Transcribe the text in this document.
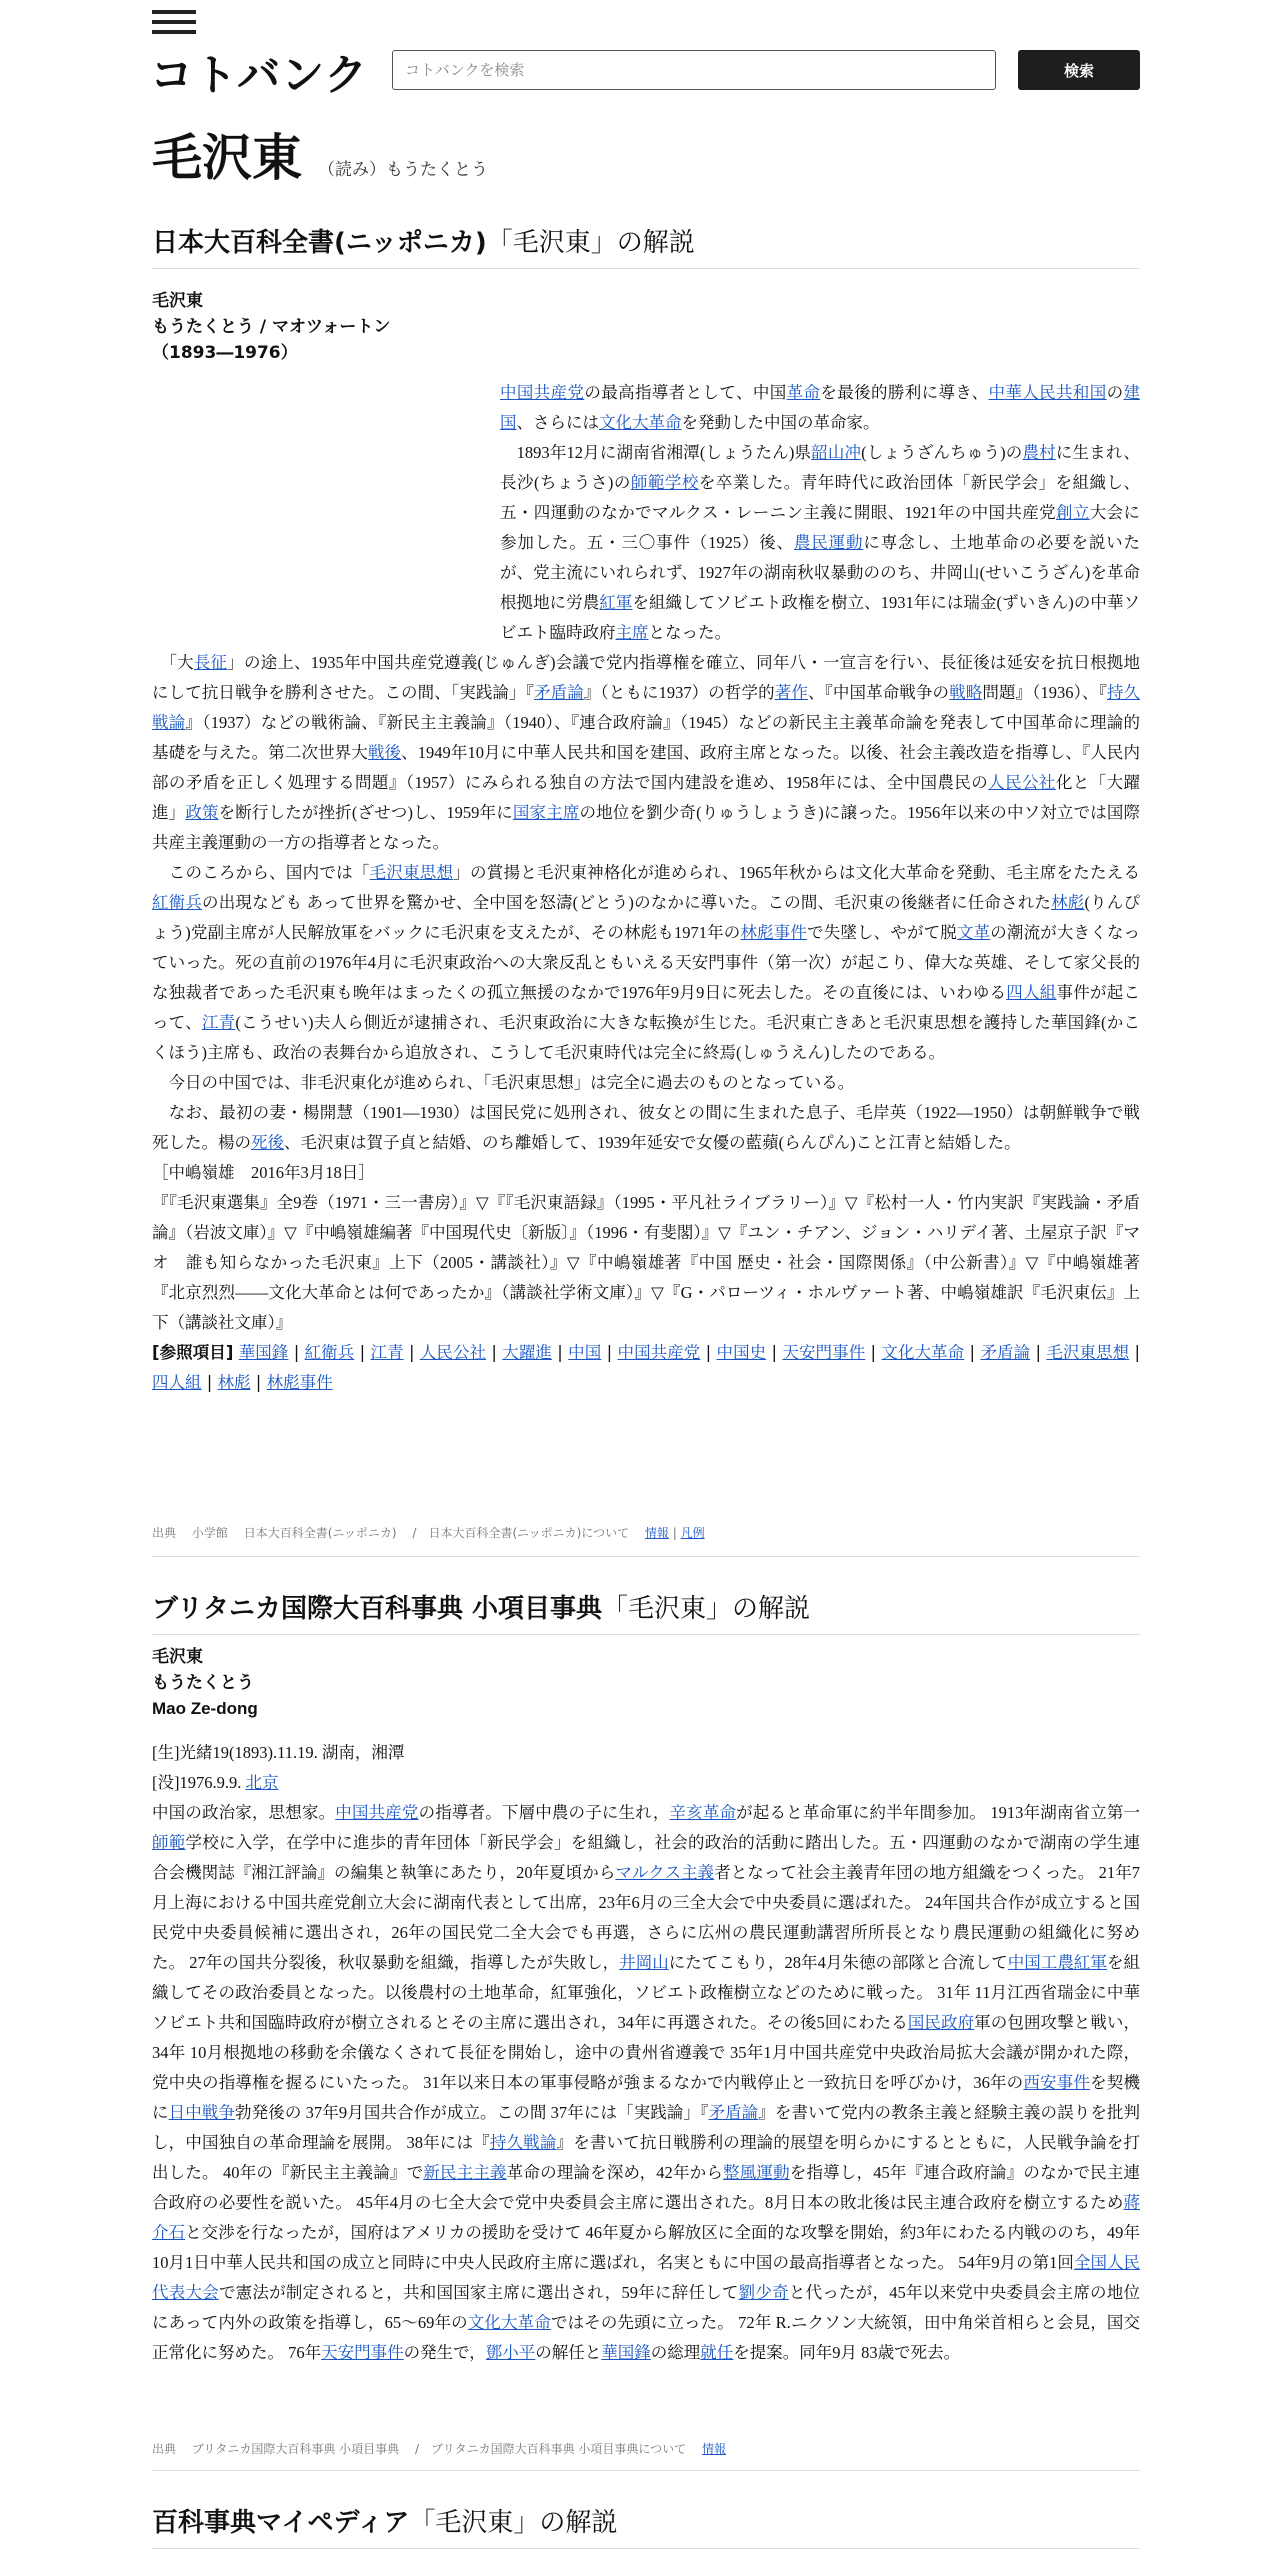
コトバンク
コトバンクを検索	検索
毛沢東 （読み）もうたくとう
日本大百科全書(ニッポニカ)「毛沢東」の解説
毛沢東
もうたくとう / マオツォートン
（1893―1976）

中国共産党の最高指導者として、中国革命を最後的勝利に導き、中華人民共和国の建国、さらには文化大革命を発動した中国の革命家。

　1893年12月に湖南省湘潭(しょうたん)県韶山冲(しょうざんちゅう)の農村に生まれ、長沙(ちょうさ)の師範学校を卒業した。青年時代に政治団体「新民学会」を組織し、五・四運動のなかでマルクス・レーニン主義に開眼、1921年の中国共産党創立大会に参加した。五・三〇事件（1925）後、農民運動に専念し、土地革命の必要を説いたが、党主流にいれられず、1927年の湖南秋収暴動ののち、井岡山(せいこうざん)を革命根拠地に労農紅軍を組織してソビエト政権を樹立、1931年には瑞金(ずいきん)の中華ソビエト臨時政府主席となった。

　「大長征」の途上、1935年中国共産党遵義(じゅんぎ)会議で党内指導権を確立、同年八・一宣言を行い、長征後は延安を抗日根拠地にして抗日戦争を勝利させた。この間、「実践論」『矛盾論』（ともに1937）の哲学的著作、『中国革命戦争の戦略問題』（1936）、『持久戦論』（1937）などの戦術論、『新民主主義論』（1940）、『連合政府論』（1945）などの新民主主義革命論を発表して中国革命に理論的基礎を与えた。第二次世界大戦後、1949年10月に中華人民共和国を建国、政府主席となった。以後、社会主義改造を指導し、『人民内部の矛盾を正しく処理する問題』（1957）にみられる独自の方法で国内建設を進め、1958年には、全中国農民の人民公社化と「大躍進」政策を断行したが挫折(ざせつ)し、1959年に国家主席の地位を劉少奇(りゅうしょうき)に譲った。1956年以来の中ソ対立では国際共産主義運動の一方の指導者となった。

　このころから、国内では「毛沢東思想」の賞揚と毛沢東神格化が進められ、1965年秋からは文化大革命を発動、毛主席をたたえる紅衛兵の出現なども あって世界を驚かせ、全中国を怒濤(どとう)のなかに導いた。この間、毛沢東の後継者に任命された林彪(りんぴょう)党副主席が人民解放軍をバックに毛沢東を支えたが、その林彪も1971年の林彪事件で失墜し、やがて脱文革の潮流が大きくなっていった。死の直前の1976年4月に毛沢東政治への大衆反乱ともいえる天安門事件（第一次）が起こり、偉大な英雄、そして家父長的な独裁者であった毛沢東も晩年はまったくの孤立無援のなかで1976年9月9日に死去した。その直後には、いわゆる四人組事件が起こって、江青(こうせい)夫人ら側近が逮捕され、毛沢東政治に大きな転換が生じた。毛沢東亡きあと毛沢東思想を護持した華国鋒(かこくほう)主席も、政治の表舞台から追放され、こうして毛沢東時代は完全に終焉(しゅうえん)したのである。

　今日の中国では、非毛沢東化が進められ、「毛沢東思想」は完全に過去のものとなっている。

　なお、最初の妻・楊開慧（1901―1930）は国民党に処刑され、彼女との間に生まれた息子、毛岸英（1922―1950）は朝鮮戦争で戦死した。楊の死後、毛沢東は賀子貞と結婚、のち離婚して、1939年延安で女優の藍蘋(らんぴん)こと江青と結婚した。

［中嶋嶺雄　2016年3月18日］

『『毛沢東選集』全9巻（1971・三一書房）』▽『『毛沢東語録』（1995・平凡社ライブラリー）』▽『松村一人・竹内実訳『実践論・矛盾論』（岩波文庫）』▽『中嶋嶺雄編著『中国現代史〔新版〕』（1996・有斐閣）』▽『ユン・チアン、ジョン・ハリデイ著、土屋京子訳『マオ　誰も知らなかった毛沢東』上下（2005・講談社）』▽『中嶋嶺雄著『中国 歴史・社会・国際関係』（中公新書）』▽『中嶋嶺雄著『北京烈烈――文化大革命とは何であったか』（講談社学術文庫）』▽『G・パローツィ・ホルヴァート著、中嶋嶺雄訳『毛沢東伝』上下（講談社文庫）』

[参照項目] 華国鋒 | 紅衛兵 | 江青 | 人民公社 | 大躍進 | 中国 | 中国共産党 | 中国史 | 天安門事件 | 文化大革命 | 矛盾論 | 毛沢東思想 | 四人組 | 林彪 | 林彪事件

出典　 小学館　 日本大百科全書(ニッポニカ) 　/　日本大百科全書(ニッポニカ)について　 情報 | 凡例
ブリタニカ国際大百科事典 小項目事典「毛沢東」の解説
毛沢東
もうたくとう
Mao Ze-dong

[生]光緒19(1893).11.19. 湖南，湘潭

[没]1976.9.9. 北京

中国の政治家，思想家。中国共産党の指導者。下層中農の子に生れ，辛亥革命が起ると革命軍に約半年間参加。 1913年湖南省立第一師範学校に入学，在学中に進歩的青年団体「新民学会」を組織し，社会的政治的活動に踏出した。五・四運動のなかで湖南の学生連合会機関誌『湘江評論』の編集と執筆にあたり，20年夏頃からマルクス主義者となって社会主義青年団の地方組織をつくった。 21年7月上海における中国共産党創立大会に湖南代表として出席，23年6月の三全大会で中央委員に選ばれた。 24年国共合作が成立すると国民党中央委員候補に選出され，26年の国民党二全大会でも再選，さらに広州の農民運動講習所所長となり農民運動の組織化に努めた。 27年の国共分裂後，秋収暴動を組織，指導したが失敗し，井岡山にたてこもり，28年4月朱徳の部隊と合流して中国工農紅軍を組織してその政治委員となった。以後農村の土地革命，紅軍強化，ソビエト政権樹立などのために戦った。 31年 11月江西省瑞金に中華ソビエト共和国臨時政府が樹立されるとその主席に選出され，34年に再選された。その後5回にわたる国民政府軍の包囲攻撃と戦い，34年 10月根拠地の移動を余儀なくされて長征を開始し，途中の貴州省遵義で 35年1月中国共産党中央政治局拡大会議が開かれた際，党中央の指導権を握るにいたった。 31年以来日本の軍事侵略が強まるなかで内戦停止と一致抗日を呼びかけ，36年の西安事件を契機に日中戦争勃発後の 37年9月国共合作が成立。この間 37年には「実践論」『矛盾論』を書いて党内の教条主義と経験主義の誤りを批判し，中国独自の革命理論を展開。 38年には『持久戦論』を書いて抗日戦勝利の理論的展望を明らかにするとともに，人民戦争論を打出した。 40年の『新民主主義論』で新民主主義革命の理論を深め，42年から整風運動を指導し，45年『連合政府論』のなかで民主連合政府の必要性を説いた。 45年4月の七全大会で党中央委員会主席に選出された。8月日本の敗北後は民主連合政府を樹立するため蔣介石と交渉を行なったが，国府はアメリカの援助を受けて 46年夏から解放区に全面的な攻撃を開始，約3年にわたる内戦ののち，49年 10月1日中華人民共和国の成立と同時に中央人民政府主席に選ばれ，名実ともに中国の最高指導者となった。 54年9月の第1回全国人民代表大会で憲法が制定されると，共和国国家主席に選出され，59年に辞任して劉少奇と代ったが，45年以来党中央委員会主席の地位にあって内外の政策を指導し，65～69年の文化大革命ではその先頭に立った。 72年 R.ニクソン大統領，田中角栄首相らと会見，国交正常化に努めた。 76年天安門事件の発生で，鄧小平の解任と華国鋒の総理就任を提案。同年9月 83歳で死去。

出典　 ブリタニカ国際大百科事典 小項目事典 　/　ブリタニカ国際大百科事典 小項目事典について　 情報
百科事典マイペディア「毛沢東」の解説
